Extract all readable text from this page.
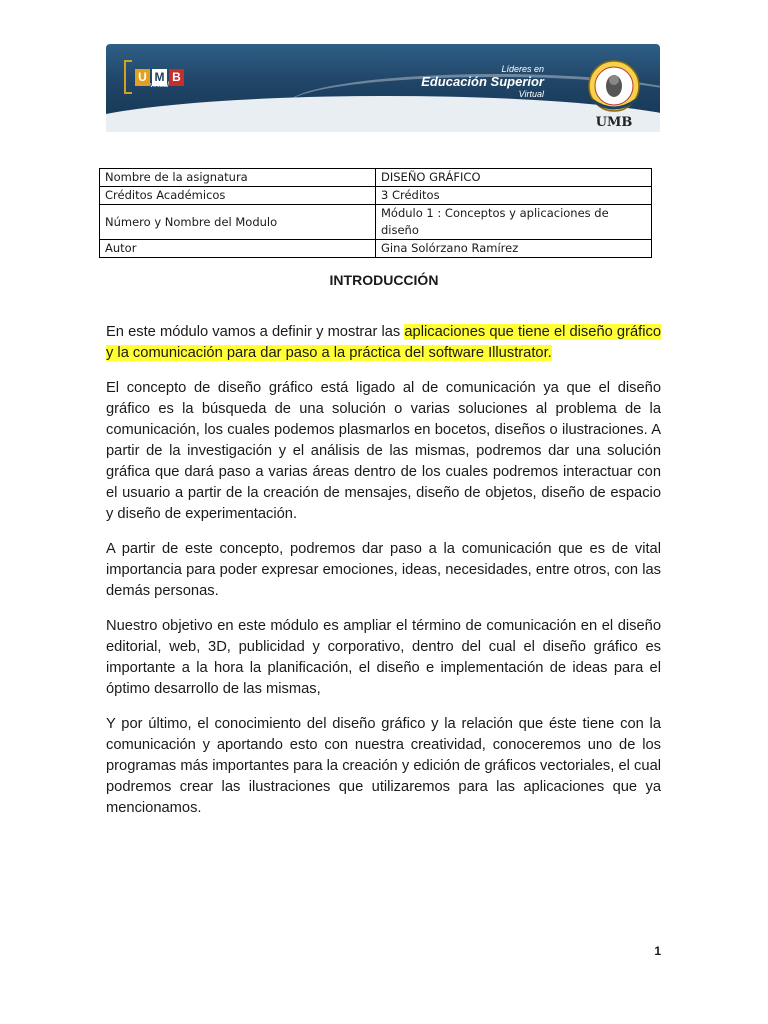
U M B
virtual
Líderes en
Educación Superior
Virtual
UMB
Nombre de la asignatura	DISEÑO GRÁFICO
Créditos Académicos	3 Créditos
Número y Nombre del Modulo	Módulo 1 : Conceptos y aplicaciones de diseño
Autor	Gina Solórzano Ramírez
INTRODUCCIÓN

En este módulo vamos a definir y mostrar las aplicaciones que tiene el diseño gráfico y la comunicación para dar paso a la práctica del software Illustrator.

El concepto de diseño gráfico está ligado al de comunicación ya que el diseño gráfico es la búsqueda de una solución o varias soluciones al problema de la comunicación, los cuales podemos plasmarlos en bocetos, diseños o ilustraciones. A partir de la investigación y el análisis de las mismas, podremos dar una solución gráfica que dará paso a varias áreas dentro de los cuales podremos interactuar con el usuario a partir de la creación de mensajes, diseño de objetos, diseño de espacio y diseño de experimentación.

A partir de este concepto, podremos dar paso a la comunicación que es de vital importancia para poder expresar emociones, ideas, necesidades, entre otros, con las demás personas.

Nuestro objetivo en este módulo es ampliar el término de comunicación en el diseño editorial, web, 3D, publicidad y corporativo, dentro del cual el diseño gráfico es importante a la hora la planificación, el diseño e implementación de ideas para el óptimo desarrollo de las mismas,

Y por último, el conocimiento del diseño gráfico y la relación que éste tiene con la comunicación y aportando esto con nuestra creatividad, conoceremos uno de los programas más importantes para la creación y edición de gráficos vectoriales, el cual podremos crear las ilustraciones que utilizaremos para las aplicaciones que ya mencionamos.

1
